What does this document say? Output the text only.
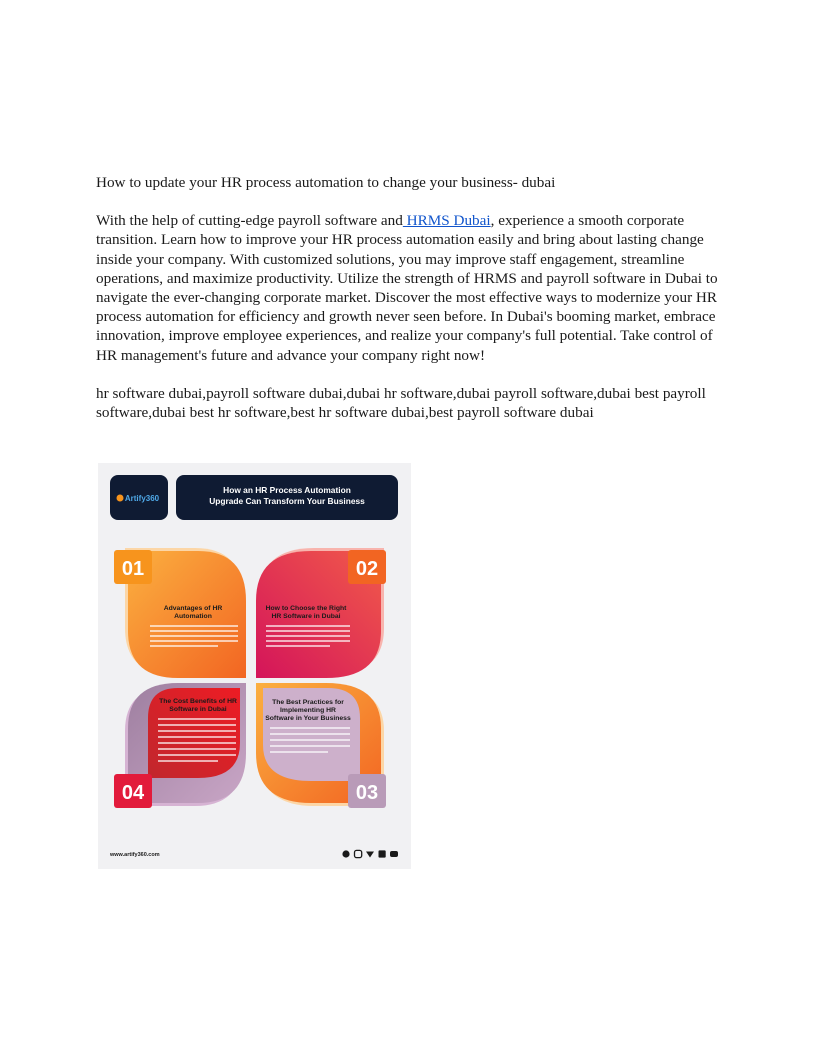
How to update your HR process automation to change your business- dubai

With the help of cutting-edge payroll software and HRMS Dubai, experience a smooth corporate transition. Learn how to improve your HR process automation easily and bring about lasting change inside your company. With customized solutions, you may improve staff engagement, streamline operations, and maximize productivity. Utilize the strength of HRMS and payroll software in Dubai to navigate the ever-changing corporate market. Discover the most effective ways to modernize your HR process automation for efficiency and growth never seen before. In Dubai's booming market, embrace innovation, improve employee experiences, and realize your company's full potential. Take control of HR management's future and advance your company right now!

hr software dubai,payroll software dubai,dubai hr software,dubai payroll software,dubai best payroll software,dubai best hr software,best hr software dubai,best payroll software dubai

Artify360
How an HR Process Automation
Upgrade Can Transform Your Business
01
Advantages of HR
Automation
02
How to Choose the Right
HR Software in Dubai
04
The Cost Benefits of HR
Software in Dubai
03
The Best Practices for
Implementing HR
Software in Your Business
www.artify360.com
